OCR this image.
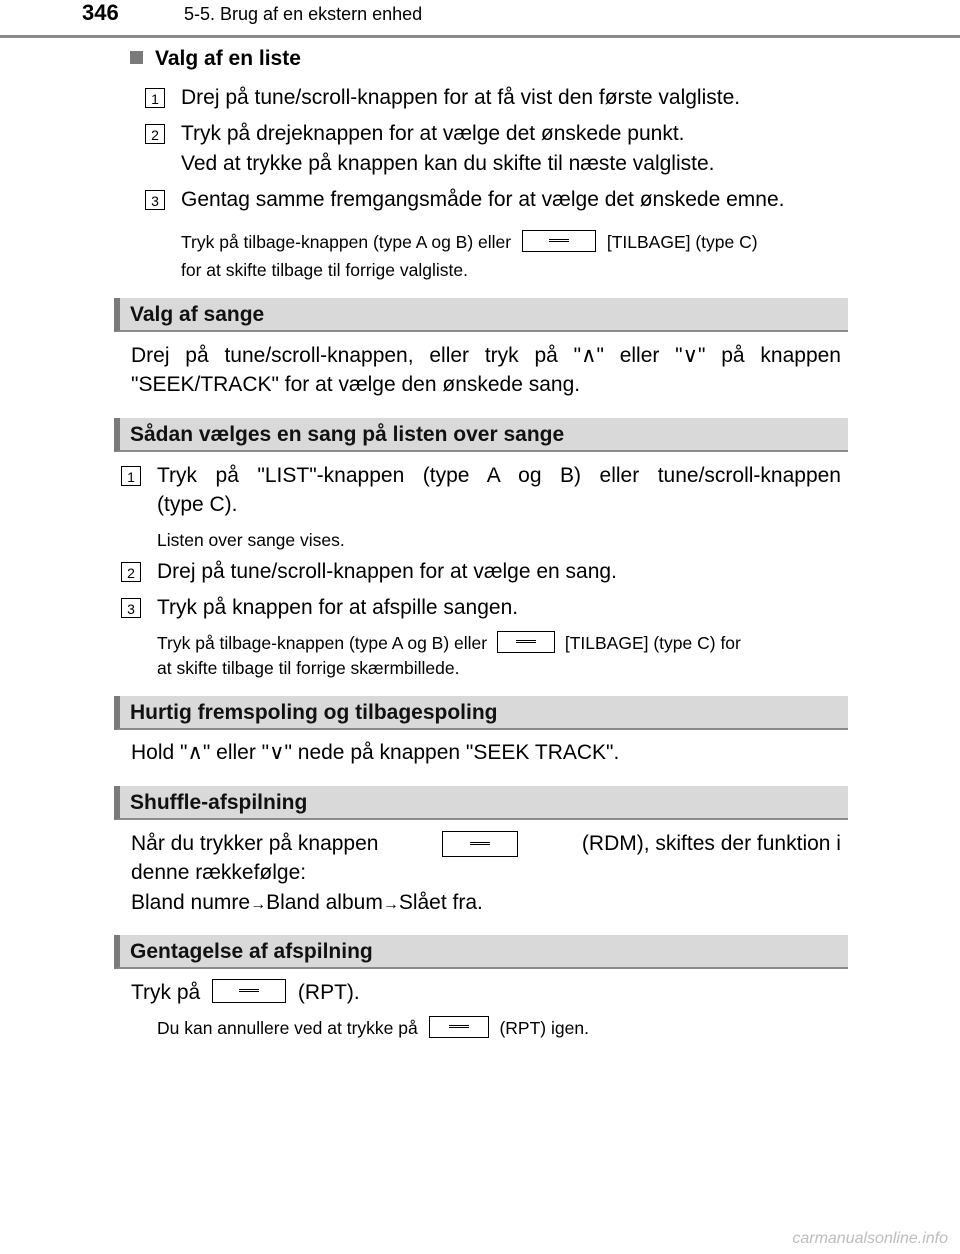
346	5-5. Brug af en ekstern enhed
Valg af en liste
1 Drej på tune/scroll-knappen for at få vist den første valgliste.
2 Tryk på drejeknappen for at vælge det ønskede punkt.
Ved at trykke på knappen kan du skifte til næste valgliste.
3 Gentag samme fremgangsmåde for at vælge det ønskede emne.
Tryk på tilbage-knappen (type A og B) eller	[TILBAGE] (type C)
for at skifte tilbage til forrige valgliste.
Valg af sange
Drej på tune/scroll-knappen, eller tryk på "∧" eller "∨" på knappen
"SEEK/TRACK" for at vælge den ønskede sang.
Sådan vælges en sang på listen over sange
1 Tryk på "LIST"-knappen (type A og B) eller tune/scroll-knappen
(type C).
Listen over sange vises.
2 Drej på tune/scroll-knappen for at vælge en sang.
3 Tryk på knappen for at afspille sangen.
Tryk på tilbage-knappen (type A og B) eller	[TILBAGE] (type C) for
at skifte tilbage til forrige skærmbillede.
Hurtig fremspoling og tilbagespoling
Hold "∧" eller "∨" nede på knappen "SEEK TRACK".
Shuffle-afspilning
Når du trykker på knappen	(RDM), skiftes der funktion i
denne rækkefølge:
Bland numre→Bland album→Slået fra.
Gentagelse af afspilning
Tryk på	(RPT).
Du kan annullere ved at trykke på	(RPT) igen.
carmanualsonline.info
